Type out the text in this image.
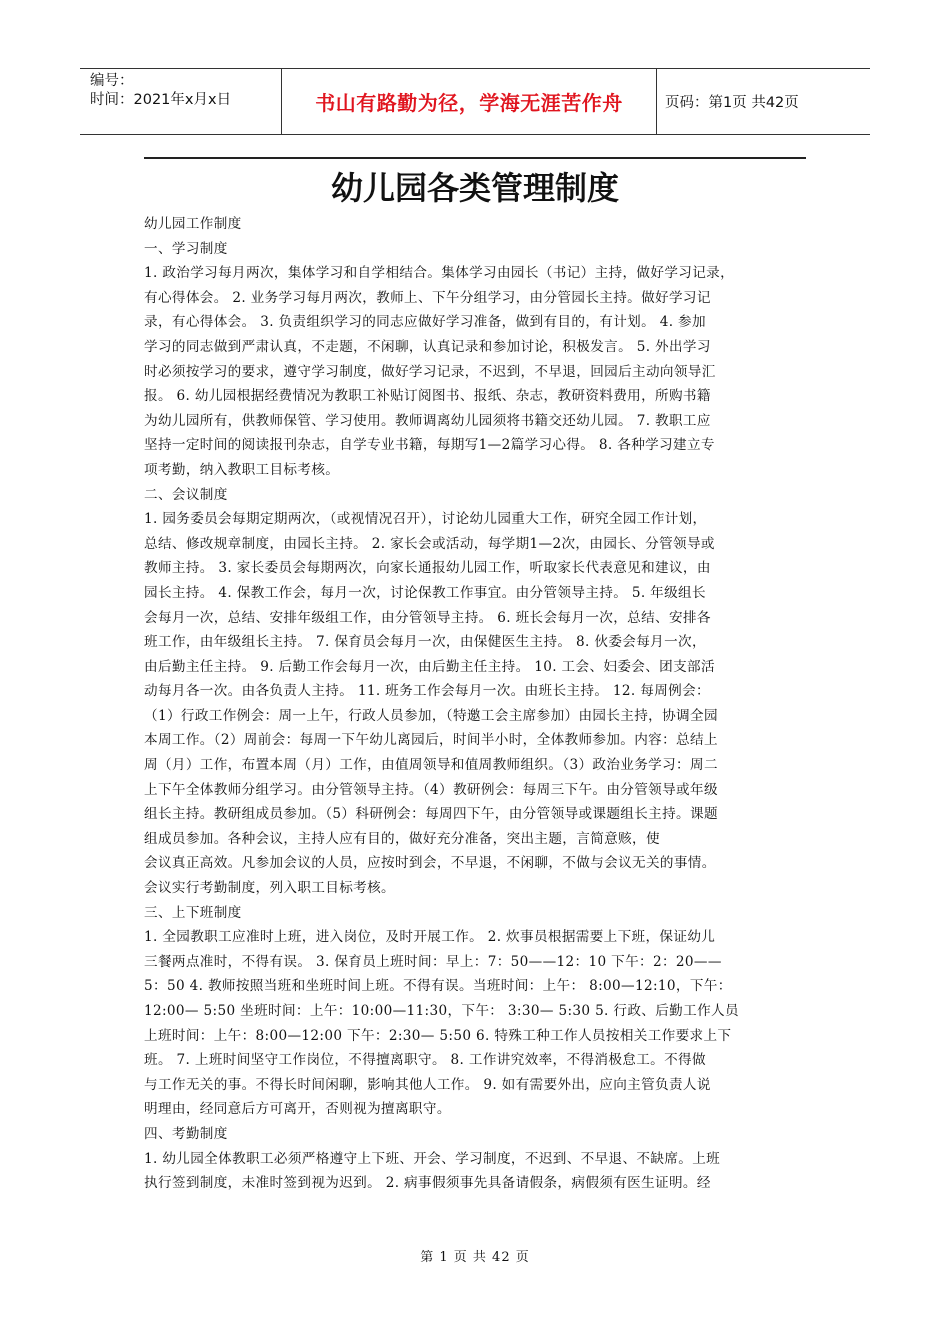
编号：
时间：2021年x月x日	书山有路勤为径，学海无涯苦作舟	页码：第1页 共42页
幼儿园各类管理制度

幼儿园工作制度

一、学习制度

1. 政治学习每月两次，集体学习和自学相结合。集体学习由园长（书记）主持，做好学习记录，

有心得体会。 2. 业务学习每月两次，教师上、下午分组学习，由分管园长主持。做好学习记

录，有心得体会。 3. 负责组织学习的同志应做好学习准备，做到有目的，有计划。 4. 参加

学习的同志做到严肃认真，不走题，不闲聊，认真记录和参加讨论，积极发言。 5. 外出学习

时必须按学习的要求，遵守学习制度，做好学习记录，不迟到，不早退，回园后主动向领导汇

报。 6. 幼儿园根据经费情况为教职工补贴订阅图书、报纸、杂志，教研资料费用，所购书籍

为幼儿园所有，供教师保管、学习使用。教师调离幼儿园须将书籍交还幼儿园。 7. 教职工应

坚持一定时间的阅读报刊杂志，自学专业书籍，每期写1—2篇学习心得。 8. 各种学习建立专

项考勤，纳入教职工目标考核。

二、会议制度

1. 园务委员会每期定期两次，（或视情况召开），讨论幼儿园重大工作，研究全园工作计划，

总结、修改规章制度，由园长主持。 2. 家长会或活动，每学期1—2次，由园长、分管领导或

教师主持。 3. 家长委员会每期两次，向家长通报幼儿园工作，听取家长代表意见和建议，由

园长主持。 4. 保教工作会，每月一次，讨论保教工作事宜。由分管领导主持。 5. 年级组长

会每月一次，总结、安排年级组工作，由分管领导主持。 6. 班长会每月一次，总结、安排各

班工作，由年级组长主持。 7. 保育员会每月一次，由保健医生主持。 8. 伙委会每月一次，

由后勤主任主持。 9. 后勤工作会每月一次，由后勤主任主持。 10. 工会、妇委会、团支部活

动每月各一次。由各负责人主持。 11. 班务工作会每月一次。由班长主持。 12. 每周例会：

（1）行政工作例会：周一上午，行政人员参加，（特邀工会主席参加）由园长主持，协调全园

本周工作。（2）周前会：每周一下午幼儿离园后，时间半小时，全体教师参加。内容：总结上

周（月）工作，布置本周（月）工作，由值周领导和值周教师组织。（3）政治业务学习：周二

上下午全体教师分组学习。由分管领导主持。（4）教研例会：每周三下午。由分管领导或年级

组长主持。教研组成员参加。（5）科研例会：每周四下午，由分管领导或课题组长主持。课题

组成员参加。各种会议，主持人应有目的，做好充分准备，突出主题，言简意赅，使

会议真正高效。凡参加会议的人员，应按时到会，不早退，不闲聊，不做与会议无关的事情。

会议实行考勤制度，列入职工目标考核。

三、上下班制度

1. 全园教职工应准时上班，进入岗位，及时开展工作。 2. 炊事员根据需要上下班，保证幼儿

三餐两点准时，不得有误。 3. 保育员上班时间：早上：7：50——12：10 下午：2：20——

5：50 4. 教师按照当班和坐班时间上班。不得有误。当班时间：上午： 8:00—12:10，下午：

12:00— 5:50 坐班时间：上午：10:00—11:30，下午： 3:30— 5:30 5. 行政、后勤工作人员

上班时间：上午：8:00—12:00 下午：2:30— 5:50 6. 特殊工种工作人员按相关工作要求上下

班。 7. 上班时间坚守工作岗位，不得擅离职守。 8. 工作讲究效率，不得消极怠工。不得做

与工作无关的事。不得长时间闲聊，影响其他人工作。 9. 如有需要外出，应向主管负责人说

明理由，经同意后方可离开，否则视为擅离职守。

四、考勤制度

1. 幼儿园全体教职工必须严格遵守上下班、开会、学习制度，不迟到、不早退、不缺席。上班

执行签到制度，未准时签到视为迟到。 2. 病事假须事先具备请假条，病假须有医生证明。经

第 1 页 共 42 页
